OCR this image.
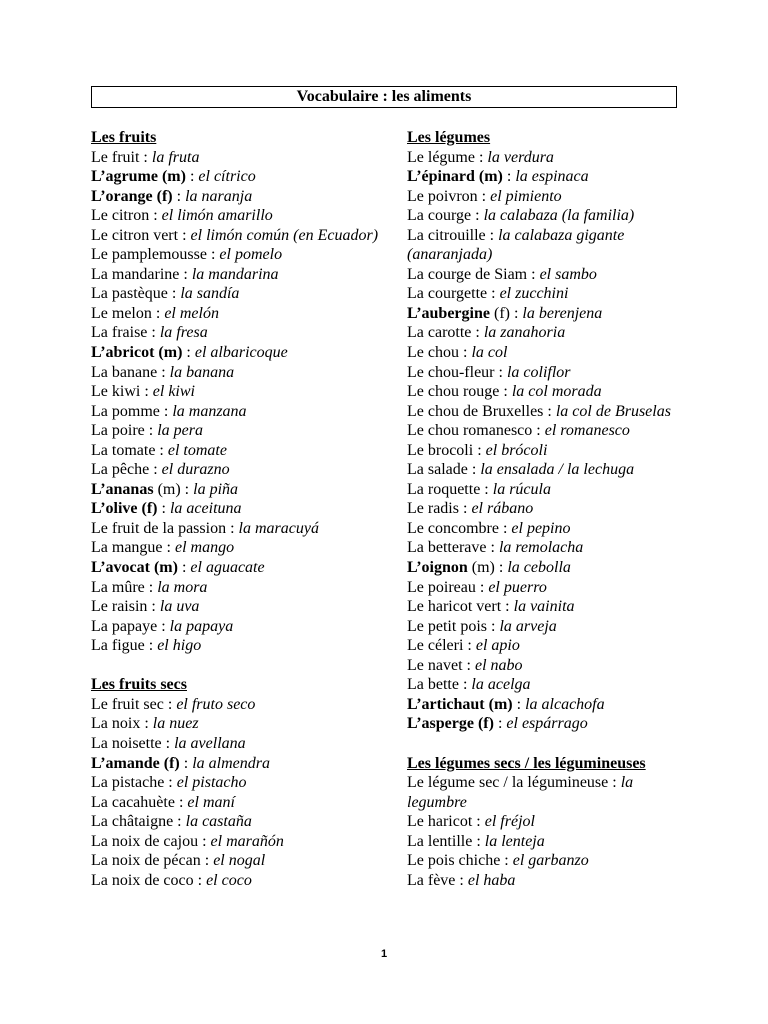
Vocabulaire : les aliments
Les fruits
Le fruit : la fruta
L’agrume (m) : el cítrico
L’orange (f) : la naranja
Le citron : el limón amarillo
Le citron vert : el limón común (en Ecuador)
Le pamplemousse : el pomelo
La mandarine : la mandarina
La pastèque : la sandía
Le melon : el melón
La fraise : la fresa
L’abricot (m) : el albaricoque
La banane : la banana
Le kiwi : el kiwi
La pomme : la manzana
La poire : la pera
La tomate : el tomate
La pêche : el durazno
L’ananas (m) : la piña
L’olive (f) : la aceituna
Le fruit de la passion : la maracuyá
La mangue : el mango
L’avocat (m) : el aguacate
La mûre : la mora
Le raisin : la uva
La papaye : la papaya
La figue : el higo
Les fruits secs
Le fruit sec : el fruto seco
La noix : la nuez
La noisette : la avellana
L’amande (f) : la almendra
La pistache : el pistacho
La cacahuète : el maní
La châtaigne : la castaña
La noix de cajou : el marañón
La noix de pécan : el nogal
La noix de coco : el coco
Les légumes
Le légume : la verdura
L’épinard (m) : la espinaca
Le poivron : el pimiento
La courge : la calabaza (la familia)
La citrouille : la calabaza gigante (anaranjada)
La courge de Siam : el sambo
La courgette : el zucchini
L’aubergine (f) : la berenjena
La carotte : la zanahoria
Le chou : la col
Le chou-fleur : la coliflor
Le chou rouge : la col morada
Le chou de Bruxelles : la col de Bruselas
Le chou romanesco : el romanesco
Le brocoli : el brócoli
La salade : la ensalada / la lechuga
La roquette : la rúcula
Le radis : el rábano
Le concombre : el pepino
La betterave : la remolacha
L’oignon (m) : la cebolla
Le poireau : el puerro
Le haricot vert : la vainita
Le petit pois : la arveja
Le céleri : el apio
Le navet : el nabo
La bette : la acelga
L’artichaut (m) : la alcachofa
L’asperge (f) : el espárrago
Les légumes secs / les légumineuses
Le légume sec / la légumineuse : la legumbre
Le haricot : el fréjol
La lentille : la lenteja
Le pois chiche : el garbanzo
La fève : el haba
1
